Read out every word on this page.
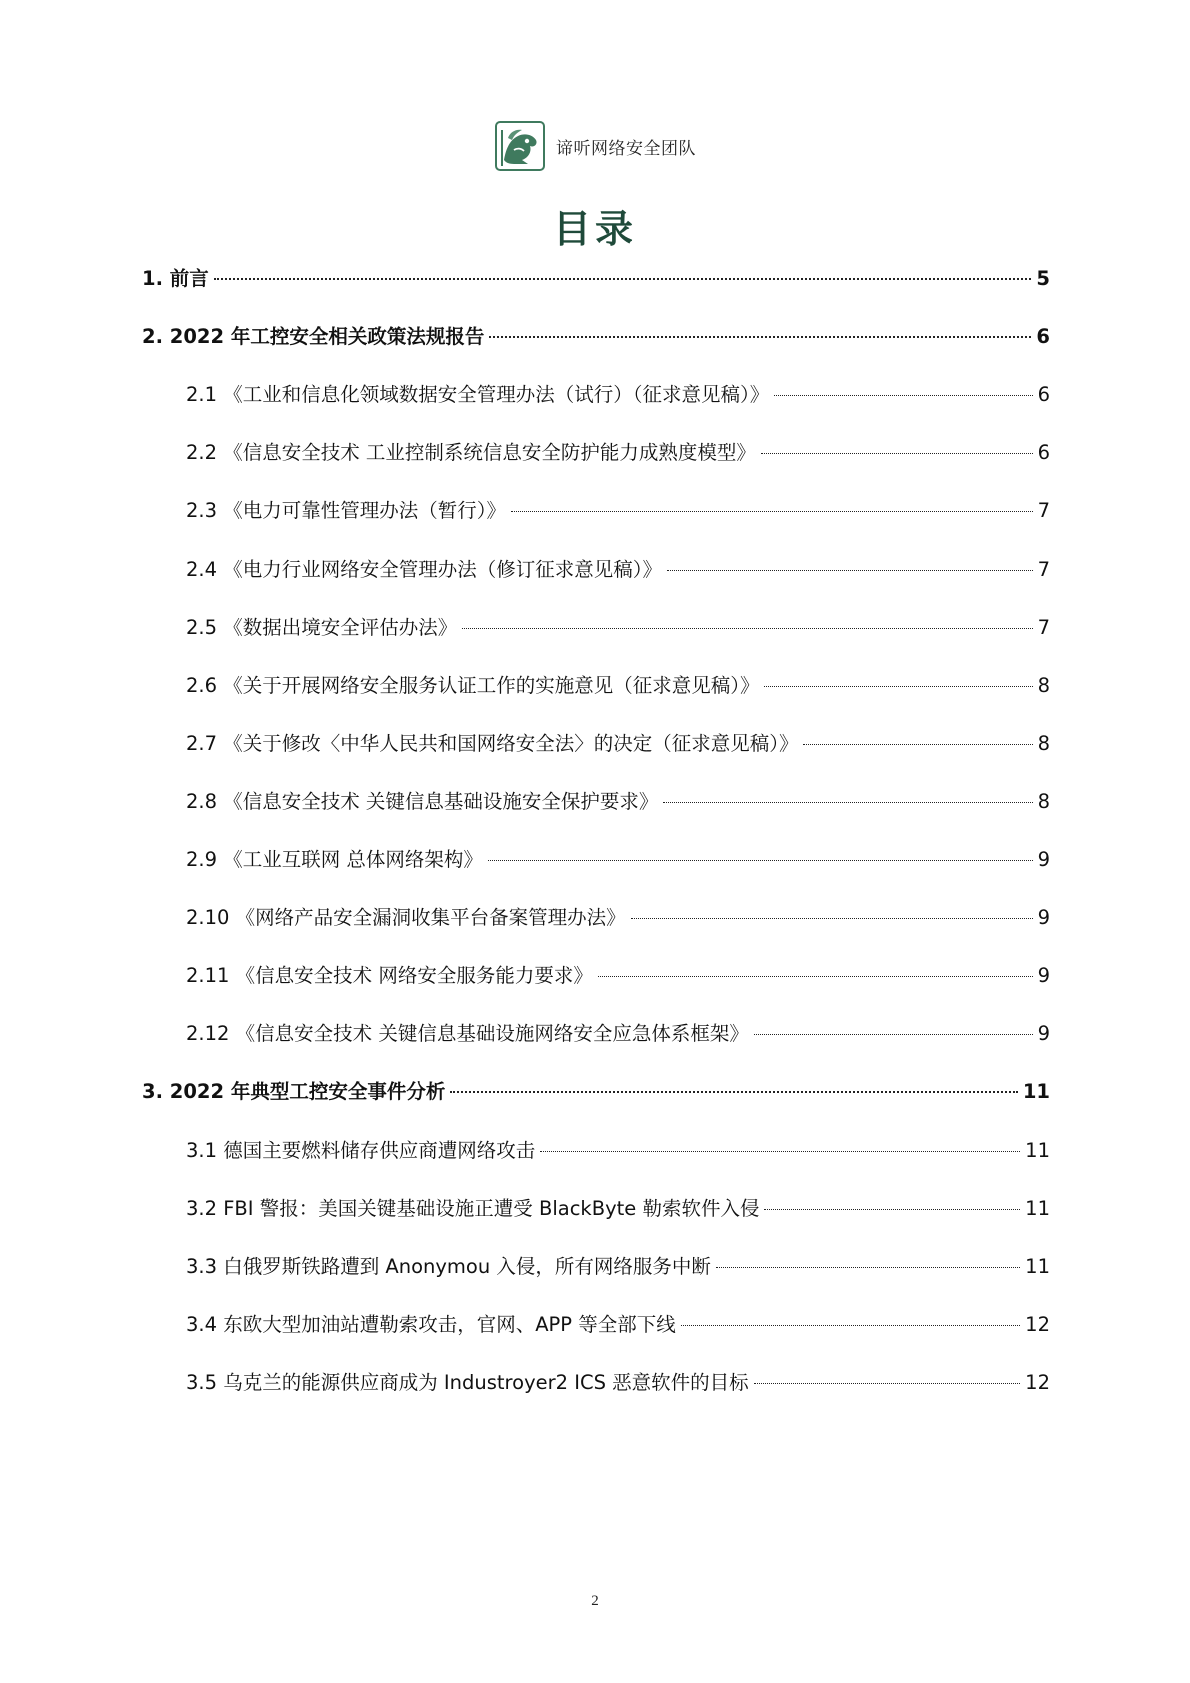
谛听网络安全团队
目录
1. 前言	5
2. 2022 年工控安全相关政策法规报告	6
2.1 《工业和信息化领域数据安全管理办法（试行）（征求意见稿）》	6
2.2 《信息安全技术 工业控制系统信息安全防护能力成熟度模型》	6
2.3 《电力可靠性管理办法（暂行）》	7
2.4 《电力行业网络安全管理办法（修订征求意见稿）》	7
2.5 《数据出境安全评估办法》	7
2.6 《关于开展网络安全服务认证工作的实施意见（征求意见稿）》	8
2.7 《关于修改〈中华人民共和国网络安全法〉的决定（征求意见稿）》	8
2.8 《信息安全技术 关键信息基础设施安全保护要求》	8
2.9 《工业互联网 总体网络架构》	9
2.10 《网络产品安全漏洞收集平台备案管理办法》	9
2.11 《信息安全技术 网络安全服务能力要求》	9
2.12 《信息安全技术 关键信息基础设施网络安全应急体系框架》	9
3. 2022 年典型工控安全事件分析	11
3.1 德国主要燃料储存供应商遭网络攻击	11
3.2 FBI 警报：美国关键基础设施正遭受 BlackByte 勒索软件入侵	11
3.3 白俄罗斯铁路遭到 Anonymou 入侵，所有网络服务中断	11
3.4 东欧大型加油站遭勒索攻击，官网、APP 等全部下线	12
3.5 乌克兰的能源供应商成为 Industroyer2 ICS 恶意软件的目标	12
2
